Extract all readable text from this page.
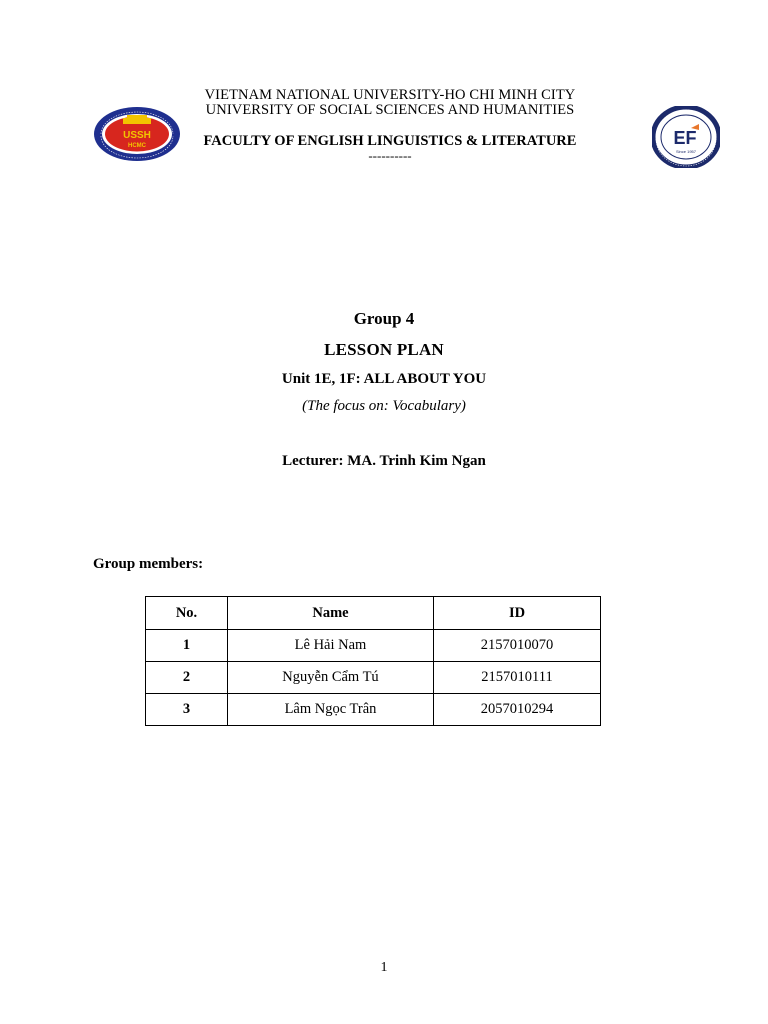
USSH
HCMC	EF
Since 1957
VIETNAM NATIONAL UNIVERSITY-HO CHI MINH CITY
UNIVERSITY OF SOCIAL SCIENCES AND HUMANITIES
FACULTY OF ENGLISH LINGUISTICS & LITERATURE
----------
Group 4
LESSON PLAN
Unit 1E, 1F: ALL ABOUT YOU
(The focus on: Vocabulary)
Lecturer: MA. Trinh Kim Ngan
Group members:
No.	Name	ID
1	Lê Hải Nam	2157010070
2	Nguyễn Cẩm Tú	2157010111
3	Lâm Ngọc Trân	2057010294
1
